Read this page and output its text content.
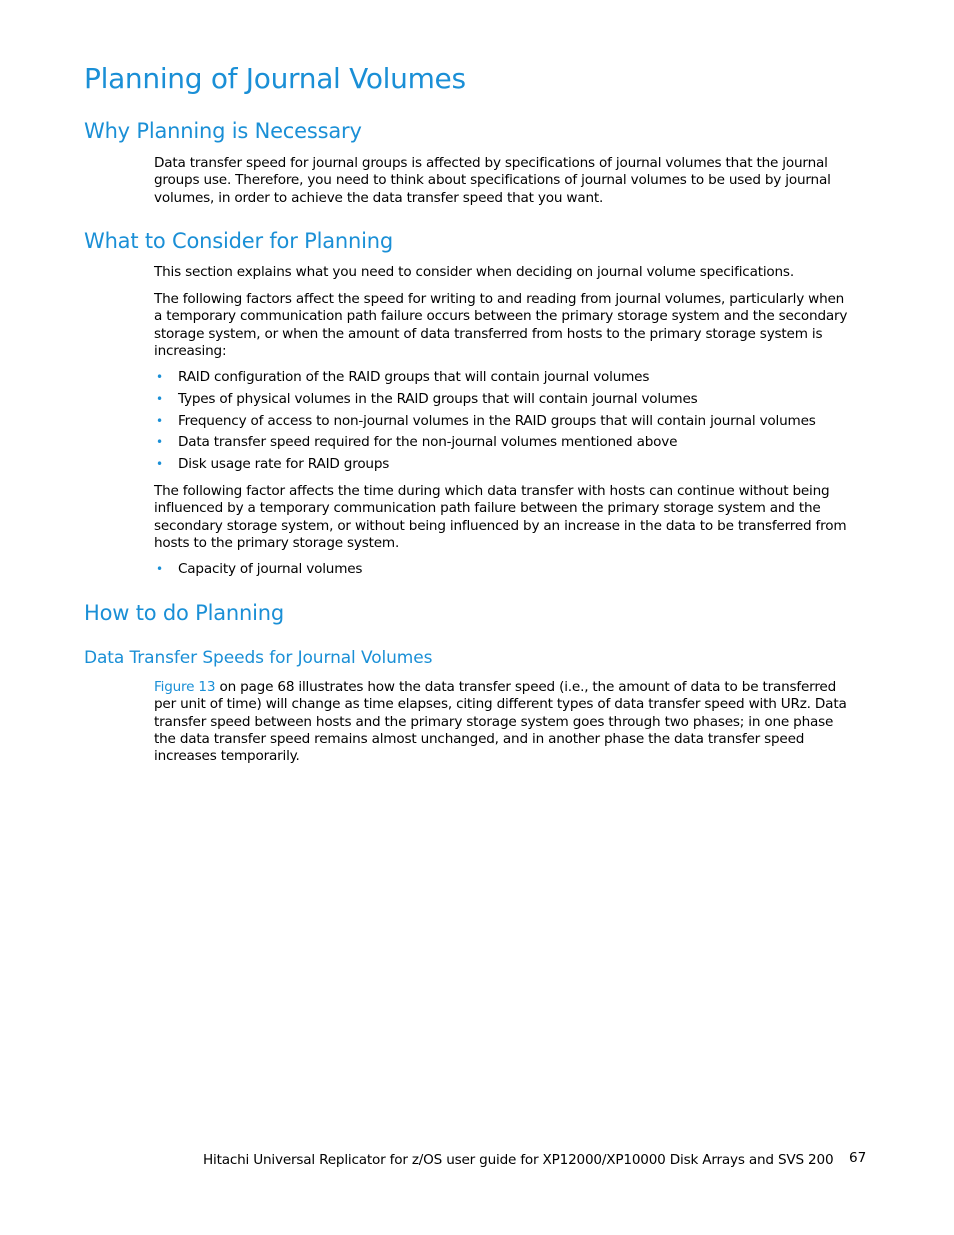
Planning of Journal Volumes
Why Planning is Necessary

Data transfer speed for journal groups is affected by specifications of journal volumes that the journal groups use. Therefore, you need to think about specifications of journal volumes to be used by journal volumes, in order to achieve the data transfer speed that you want.

What to Consider for Planning

This section explains what you need to consider when deciding on journal volume specifications.

The following factors affect the speed for writing to and reading from journal volumes, particularly when a temporary communication path failure occurs between the primary storage system and the secondary storage system, or when the amount of data transferred from hosts to the primary storage system is increasing:

• RAID configuration of the RAID groups that will contain journal volumes
• Types of physical volumes in the RAID groups that will contain journal volumes
• Frequency of access to non-journal volumes in the RAID groups that will contain journal volumes
• Data transfer speed required for the non-journal volumes mentioned above
• Disk usage rate for RAID groups

The following factor affects the time during which data transfer with hosts can continue without being influenced by a temporary communication path failure between the primary storage system and the secondary storage system, or without being influenced by an increase in the data to be transferred from hosts to the primary storage system.

• Capacity of journal volumes
How to do Planning
Data Transfer Speeds for Journal Volumes

Figure 13 on page 68 illustrates how the data transfer speed (i.e., the amount of data to be transferred per unit of time) will change as time elapses, citing different types of data transfer speed with URz. Data transfer speed between hosts and the primary storage system goes through two phases; in one phase the data transfer speed remains almost unchanged, and in another phase the data transfer speed increases temporarily.

Hitachi Universal Replicator for z/OS user guide for XP12000/XP10000 Disk Arrays and SVS 200 67
